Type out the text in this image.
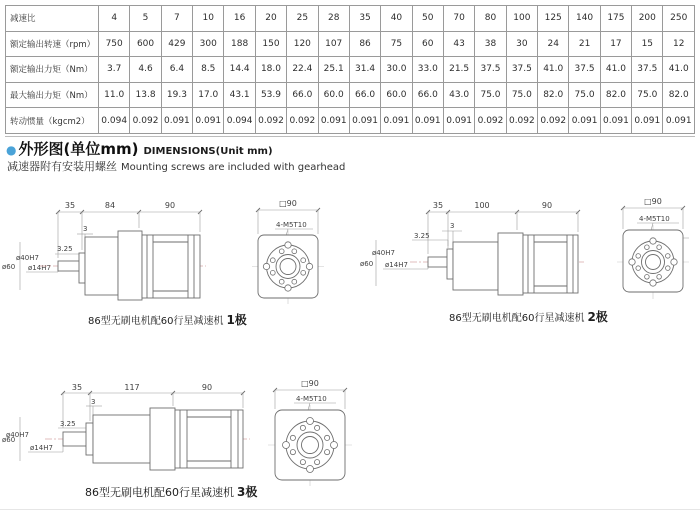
减速比	4	5	7	10	16	20	25	28	35	40	50	70	80	100	125	140	175	200	250
额定输出转速（rpm）	750	600	429	300	188	150	120	107	86	75	60	43	38	30	24	21	17	15	12
额定输出力矩（Nm）	3.7	4.6	6.4	8.5	14.4	18.0	22.4	25.1	31.4	30.0	33.0	21.5	37.5	37.5	41.0	37.5	41.0	37.5	41.0
最大输出力矩（Nm）	11.0	13.8	19.3	17.0	43.1	53.9	66.0	60.0	66.0	60.0	66.0	43.0	75.0	75.0	82.0	75.0	82.0	75.0	82.0
转动惯量（kgcm2）	0.094	0.092	0.091	0.091	0.094	0.092	0.092	0.091	0.091	0.091	0.091	0.091	0.092	0.092	0.092	0.091	0.091	0.091	0.091
● 外形图(单位mm) DIMENSIONS(Unit mm)
减速器附有安装用螺丝 Mounting screws are included with gearhead
35	84	90
3
3.25
ø60
ø40H7
ø14H7
□90
4-M5T10
35	100	90
3
3.25
ø60
ø40H7
ø14H7
□90
4-M5T10
35	117	90
3
3.25
ø60
ø40H7
ø14H7
□90
4-M5T10
86型无刷电机配60行星减速机 1极	86型无刷电机配60行星减速机 2极
86型无刷电机配60行星减速机 3极
